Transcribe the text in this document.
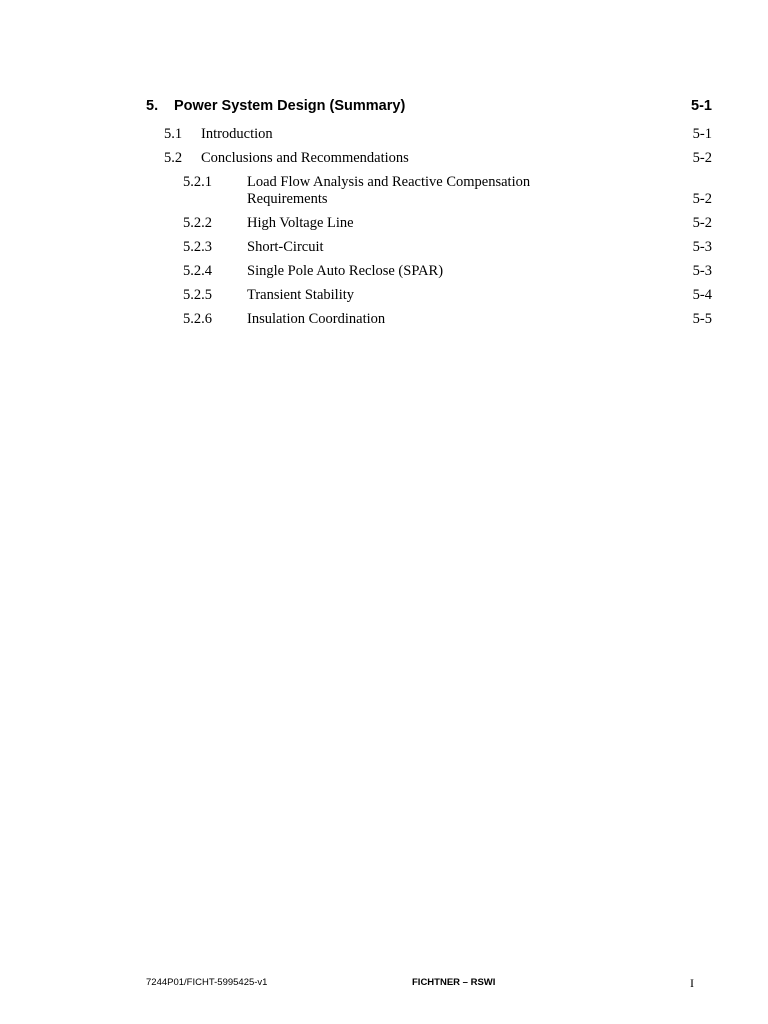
5. Power System Design (Summary)	5-1
5.1 Introduction	5-1
5.2 Conclusions and Recommendations	5-2
5.2.1 Load Flow Analysis and Reactive Compensation
Requirements	5-2
5.2.2 High Voltage Line	5-2
5.2.3 Short-Circuit	5-3
5.2.4 Single Pole Auto Reclose (SPAR)	5-3
5.2.5 Transient Stability	5-4
5.2.6 Insulation Coordination	5-5
7244P01/FICHT-5995425-v1	FICHTNER – RSWI	I
